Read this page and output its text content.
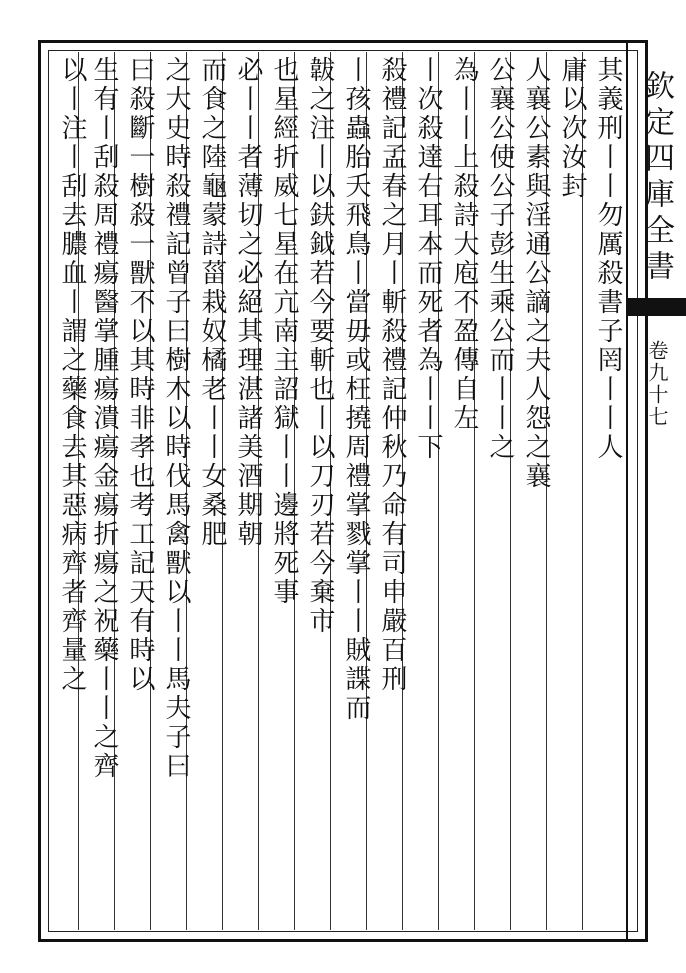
其義刑丨丨勿厲殺書子罔丨丨人
庸以次汝封
人襄公素與淫通公謫之夫人怨之襄
公襄公使公子彭生乘公而丨丨之
為丨丨上殺詩大庖不盈傳自左
丨次殺達右耳本而死者為丨丨下
殺禮記孟春之月丨斬殺禮記仲秋乃命有司申嚴百刑
丨孩蟲胎夭飛鳥丨當毋或枉撓周禮掌戮掌丨丨賊諜而
韍之注丨以鈇鉞若今要斬也丨以刀刃若今棄市
也星經折威七星在亢南主詔獄丨丨邊將死事
必丨丨者薄切之必絕其理湛諸美酒期朝
而食之陸龜蒙詩菑栽奴橘老丨丨女桑肥
之大史時殺禮記曾子曰樹木以時伐馬禽獸以丨丨馬夫子曰
曰殺斷一樹殺一獸不以其時非孝也考工記天有時以
生有丨刮殺周禮瘍醫掌腫瘍潰瘍金瘍折瘍之祝藥丨丨之齊
以丨注丨刮去膿血丨謂之藥食去其惡病齊者齊量之	欽定四庫全書
卷九十七
